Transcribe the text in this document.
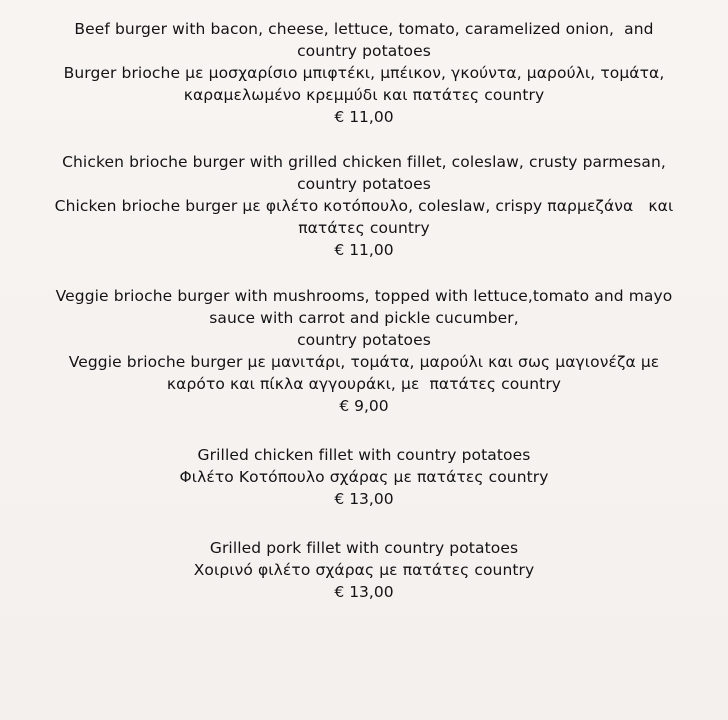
Beef burger with bacon, cheese, lettuce, tomato, caramelized onion,  and
country potatoes
Burger brioche με μοσχαρίσιο μπιφτέκι, μπέικον, γκούντα, μαρούλι, τομάτα,
καραμελωμένο κρεμμύδι και πατάτες country
€ 11,00
Chicken brioche burger with grilled chicken fillet, coleslaw, crusty parmesan,
country potatoes
Chicken brioche burger με φιλέτο κοτόπουλο, coleslaw, crispy παρμεζάνα   και
πατάτες country
€ 11,00
Veggie brioche burger with mushrooms, topped with lettuce,tomato and mayo
sauce with carrot and pickle cucumber,
country potatoes
Veggie brioche burger με μανιτάρι, τομάτα, μαρούλι και σως μαγιονέζα με
καρότο και πίκλα αγγουράκι, με  πατάτες country
€ 9,00
Grilled chicken fillet with country potatoes
Φιλέτο Κοτόπουλο σχάρας με πατάτες country
€ 13,00
Grilled pork fillet with country potatoes
Χοιρινό φιλέτο σχάρας με πατάτες country
€ 13,00
